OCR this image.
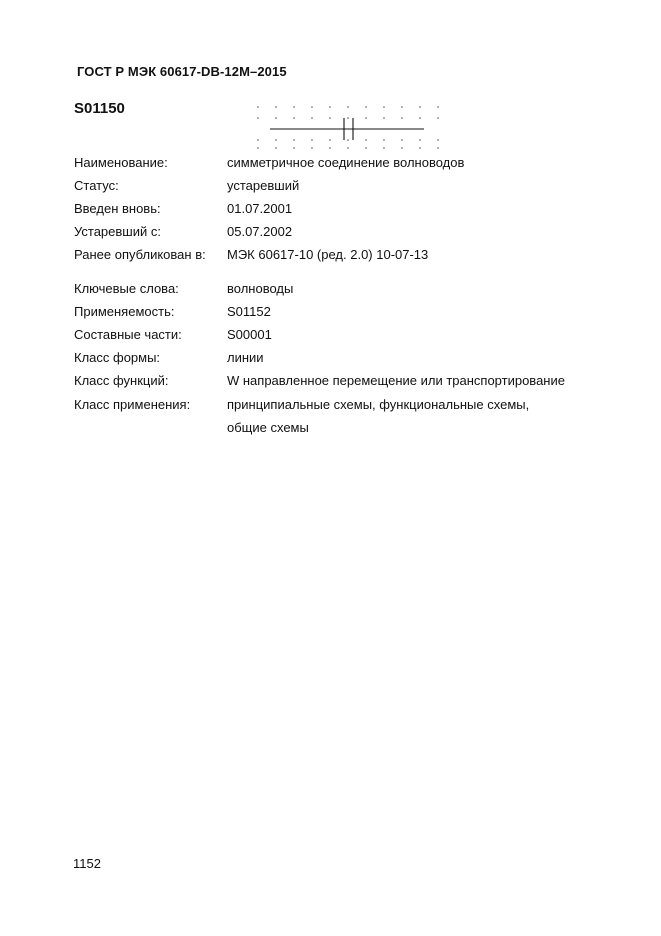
ГОСТ Р МЭК 60617-DB-12M–2015
S01150
Наименование:	симметричное соединение волноводов
Статус:	устаревший
Введен вновь:	01.07.2001
Устаревший с:	05.07.2002
Ранее опубликован в: МЭК 60617-10 (ред. 2.0) 10-07-13
Ключевые слова:	волноводы
Применяемость:	S01152
Составные части:	S00001
Класс формы:	линии
Класс функций:	W направленное перемещение или транспортирование
Класс применения:	принципиальные схемы, функциональные схемы,
общие схемы
1152
